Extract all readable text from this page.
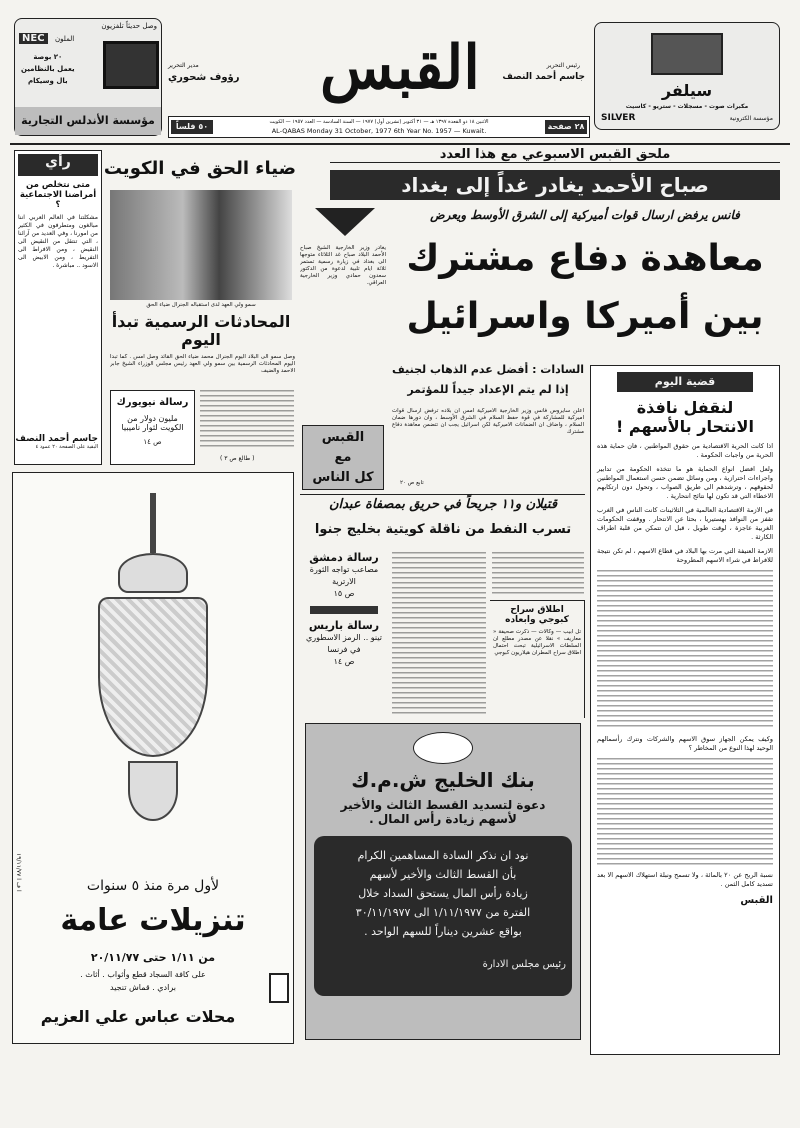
وصل حديثاً تلفزيون
NEC	الملون
٢٠ بوصة
يعمل بالنظامين
بال وسيكام
مؤسسة الأندلس التجارية
مدير التحرير
رؤوف شحوري	القبس	رئيس التحرير
جاسم أحمد النصف
٢٨ صفحة
الاثنين ١٨ ذو القعدة ١٣٩٧ هـ — ٣١ أكتوبر (تشرين أول) ١٩٧٧ — السنة السادسة — العدد ١٩٥٧ — الكويت
AL-QABAS Monday 31 October, 1977 6th Year No. 1957 — Kuwait.
٥٠ فلساً
سيلفر
مكبرات صوت - مسجلات - ستريو - كاسيت
مؤسسة الكترونية
SILVER
رأي
متى نتخلص من أمراضنا الاجتماعية ؟
مشكلتنا في العالم العربي اننا مبالغون ومتطرفون في الكثير من امورنا ، وفي العديد من آرائنا ، التي تنتقل من النقيض الى النقيض ، ومن الافراط الى التفريط ، ومن الابيض الى الاسود .. مباشرة .
جاسم أحمد النصف
البقية على الصفحة ٢٠ عمود ٤
ضياء الحق في الكويت
سمو ولي العهد لدى استقباله الجنرال ضياء الحق
المحادثات الرسمية تبدأ اليوم
وصل سمو الى البلاد اليوم الجنرال محمد ضياء الحق القائد وصل امس . كما تبدأ اليوم المحادثات الرسمية بين سمو ولي العهد رئيس مجلس الوزراء الشيخ جابر الاحمد والضيف
( طالع ص ٣ )
رسالة نيويورك
مليون دولار من الكويت لثوار ناميبيا
ص ١٤
ملحق القبس الاسبوعي مع هذا العدد
صباح الأحمد يغادر غداً إلى بغداد
يغادر وزير الخارجية الشيخ صباح الأحمد البلاد صباح غد الثلاثاء متوجها الى بغداد في زيارة رسمية تستمر ثلاثة ايام تلبية لدعوة من الدكتور سعدون حمادي وزير الخارجية العراقي.
فانس يرفض ارسال قوات أميركية إلى الشرق الأوسط ويعرض
معاهدة دفاع مشترك
بين أميركا واسرائيل
السادات : أفضل عدم الذهاب لجنيف
إذا لم يتم الإعداد جيداً للمؤتمر
اعلن سايروس فانس وزير الخارجية الاميركية امس ان بلاده ترفض ارسال قوات اميركية للمشاركة في قوة حفظ السلام في الشرق الأوسط ، وان دورها ضمان السلام ، واضاف ان الضمانات الاميركية لكن اسرائيل يجب ان تتضمن معاهدة دفاع مشترك
تابع ص ٢٠
القبس
مع
كل الناس
قتيلان و١١ جريحاً في حريق بمصفاة عبدان
تسرب النفط من ناقلة كويتية بخليج جنوا
رسالة دمشق
مصاعب تواجه الثورة الارترية
ص ١٥
رسالة باريس
تينو .. الرمز الاسطوري في فرنسا
ص ١٤
اطلاق سراح كبوجي وابعاده
تل ابيب — وكالات — ذكرت صحيفة « معاريف » نقلا عن مصدر مطلع ان السلطات الاسرائيلية تبحث احتمال اطلاق سراح المطران هيلاريون كبوجي
بنك الخليج ش.م.ك
دعوة لتسديد القسط الثالث والأخير
لأسهم زيادة رأس المال .
نود ان نذكر السادة المساهمين الكرام
بأن القسط الثالث والأخير لأسهم
زيادة رأس المال يستحق السداد خلال
الفترة من ١/١١/١٩٧٧ الى ٣٠/١١/١٩٧٧
بواقع عشرين ديناراً للسهم الواحد .
رئيس مجلس الادارة
قضية اليوم
لنقفل نافذة
الانتحار بالأسهم !
اذا كانت الحرية الاقتصادية من حقوق المواطنين ، فان حماية هذه الحرية من واجبات الحكومة .
ولعل افضل انواع الحماية هو ما تتخذه الحكومة من تدابير واجراءات احترازية ، ومن وسائل تضمن حسن استعمال المواطنين لحقوقهم ، وترشدهم الى طريق الصواب ، وتحول دون ارتكابهم الاخطاء التي قد تكون لها نتائج انتحارية .
في الازمة الاقتصادية العالمية في الثلاثينات كانت الناس في الغرب تقفز من النوافذ بهستيريا ، بحثا عن الانتحار . ووقفت الحكومات الغربية عاجزة ، لوقت طويل ، قبل ان تتمكن من قلبة اطراف الكارثة .
الازمة العنيفة التي مرت بها البلاد في قطاع الاسهم ، لم تكن نتيجة للافراط في شراء الاسهم المطروحة
وكيف يمكن الجهاز سوق الاسهم والشركات ونترك رأسمالهم الوحيد لهذا النوع من المخاطر ؟
نسبة الربح عن ٢٠ بالمائة ، ولا تسمح ونبلة استهلاك الاسهم الا بعد تسديد كامل الثمن .
القبس
ا ف ا ١٩/١١/٧٧	لأول مرة منذ ٥ سنوات
تنزيلات عامة
من ١/١١ حتى ٢٠/١١/٧٧
على كافة السجاد قطع وأثواب . أثاث .
برادي . قماش تنجيد
محلات عباس علي العزيم
